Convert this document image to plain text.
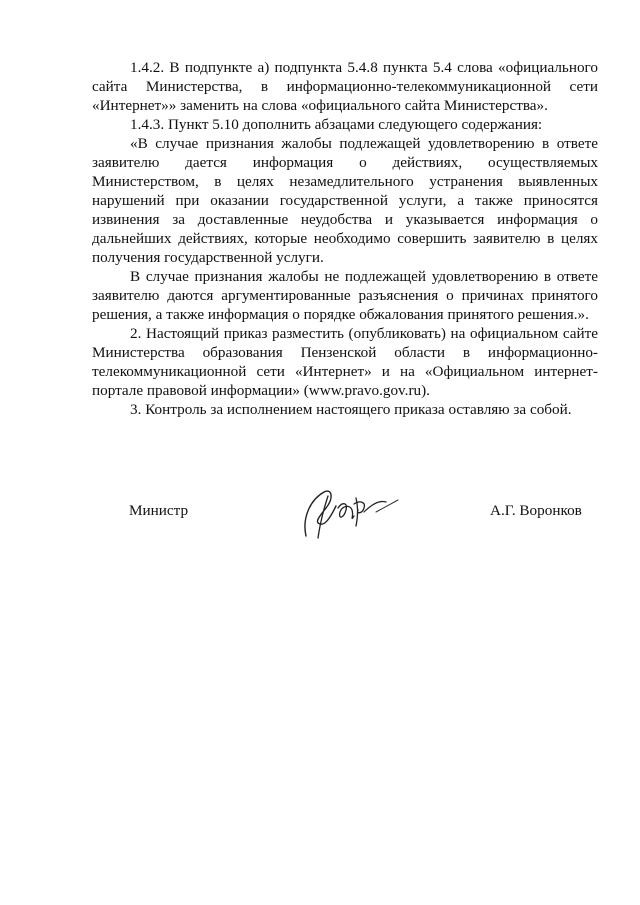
1.4.2. В подпункте а) подпункта 5.4.8 пункта 5.4 слова «официального сайта Министерства, в информационно-телекоммуникационной сети «Интернет»» заменить на слова «официального сайта Министерства».

1.4.3. Пункт 5.10 дополнить абзацами следующего содержания:

«В случае признания жалобы подлежащей удовлетворению в ответе заявителю дается информация о действиях, осуществляемых Министерством, в целях незамедлительного устранения выявленных нарушений при оказании государственной услуги, а также приносятся извинения за доставленные неудобства и указывается информация о дальнейших действиях, которые необходимо совершить заявителю в целях получения государственной услуги.

В случае признания жалобы не подлежащей удовлетворению в ответе заявителю даются аргументированные разъяснения о причинах принятого решения, а также информация о порядке обжалования принятого решения.».

2. Настоящий приказ разместить (опубликовать) на официальном сайте Министерства образования Пензенской области в информационно-телекоммуникационной сети «Интернет» и на «Официальном интернет-портале правовой информации» (www.pravo.gov.ru).

3. Контроль за исполнением настоящего приказа оставляю за собой.

Министр	А.Г. Воронков
